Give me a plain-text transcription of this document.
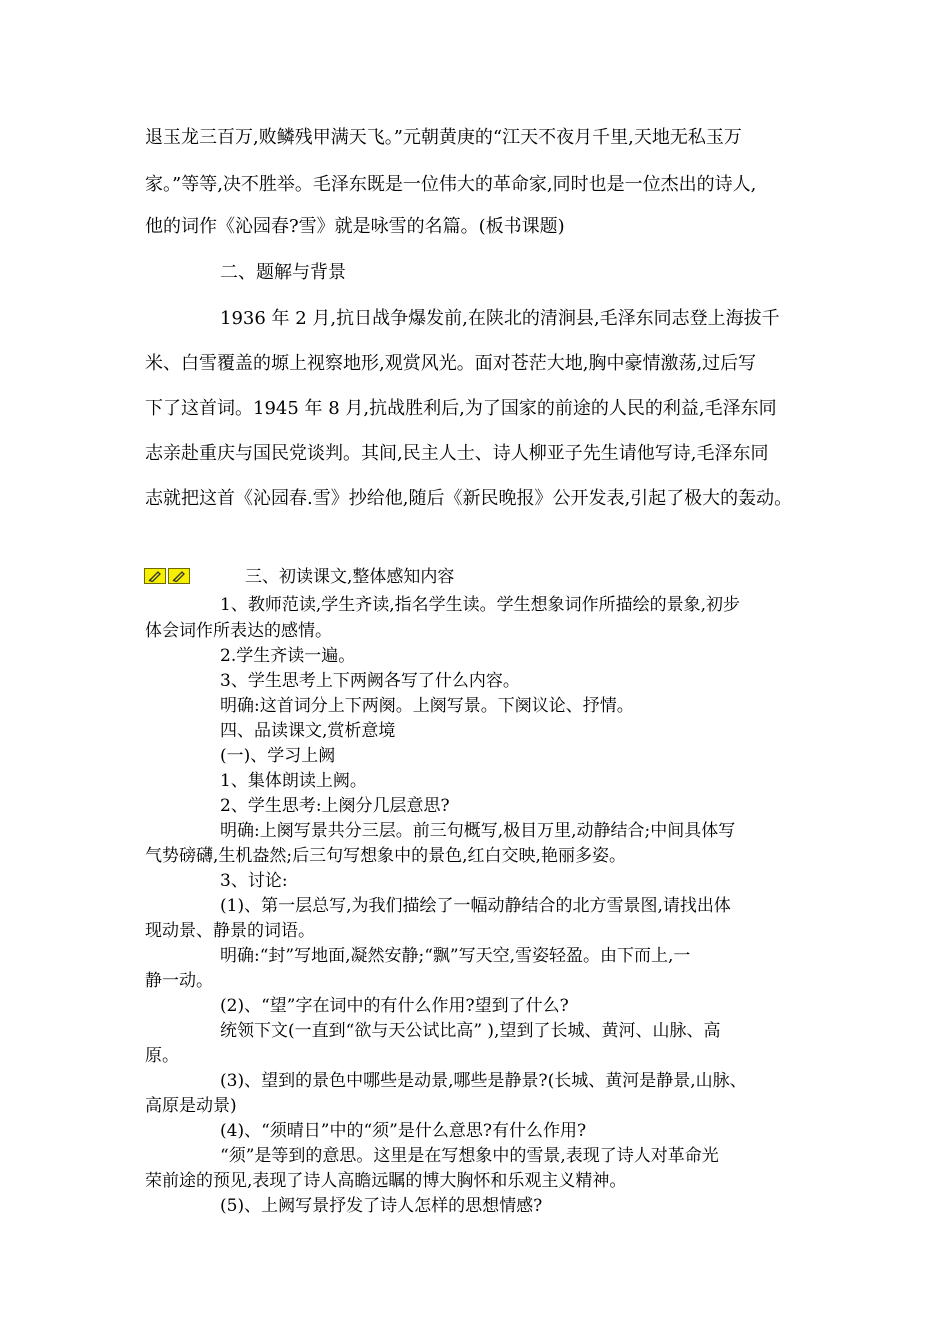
退玉龙三百万,败鳞残甲满天飞。”元朝黄庚的“江天不夜月千里,天地无私玉万
家。”等等,决不胜举。毛泽东既是一位伟大的革命家,同时也是一位杰出的诗人,
他的词作《沁园春?雪》就是咏雪的名篇。(板书课题)
二、题解与背景
1936 年 2 月,抗日战争爆发前,在陕北的清涧县,毛泽东同志登上海拔千
米、白雪覆盖的塬上视察地形,观赏风光。面对苍茫大地,胸中豪情激荡,过后写
下了这首词。1945 年 8 月,抗战胜利后,为了国家的前途的人民的利益,毛泽东同
志亲赴重庆与国民党谈判。其间,民主人士、诗人柳亚子先生请他写诗,毛泽东同
志就把这首《沁园春.雪》抄给他,随后《新民晚报》公开发表,引起了极大的轰动。
三、初读课文,整体感知内容
1、教师范读,学生齐读,指名学生读。学生想象词作所描绘的景象,初步
体会词作所表达的感情。
2.学生齐读一遍。
3、学生思考上下两阙各写了什么内容。
明确:这首词分上下两阕。上阕写景。下阕议论、抒情。
四、品读课文,赏析意境
(一)、学习上阙
1、集体朗读上阙。
2、学生思考:上阕分几层意思?
明确:上阕写景共分三层。前三句概写,极目万里,动静结合;中间具体写
气势磅礴,生机盎然;后三句写想象中的景色,红白交映,艳丽多姿。
3、讨论:
(1)、第一层总写,为我们描绘了一幅动静结合的北方雪景图,请找出体
现动景、静景的词语。
明确:“封”写地面,凝然安静;“飘”写天空,雪姿轻盈。由下而上,一
静一动。
(2)、“望”字在词中的有什么作用?望到了什么?
统领下文(一直到“欲与天公试比高” ),望到了长城、黄河、山脉、高
原。
(3)、望到的景色中哪些是动景,哪些是静景?(长城、黄河是静景,山脉、
高原是动景)
(4)、“须晴日”中的“须”是什么意思?有什么作用?
“须”是等到的意思。这里是在写想象中的雪景,表现了诗人对革命光
荣前途的预见,表现了诗人高瞻远瞩的博大胸怀和乐观主义精神。
(5)、上阙写景抒发了诗人怎样的思想情感?
